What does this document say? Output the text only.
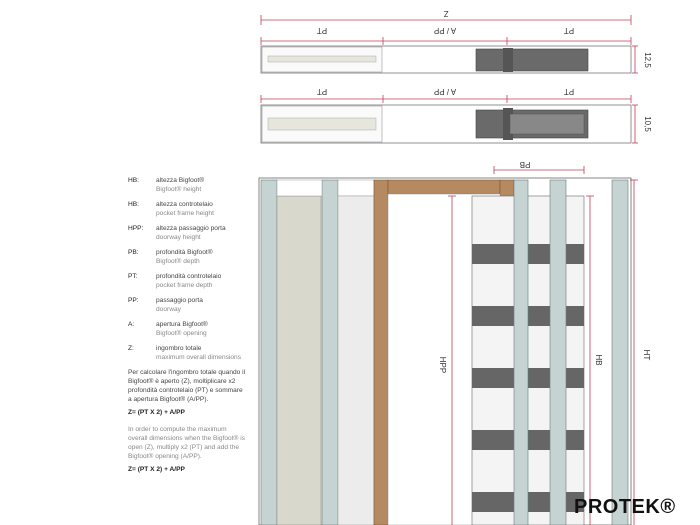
Z
PT	A / PP	PT
12,5
PT	A / PP	PT
10,5
PB
HPP	HB	HT
HB:	altezza Bigfoot®
Bigfoot® height
HB:	altezza controtelaio
pocket frame height
HPP:	altezza passaggio porta
doorway height
PB:	profondità Bigfoot®
Bigfoot® depth
PT:	profondità controtelaio
pocket frame depth
PP:	passaggio porta
doorway
A:	apertura Bigfoot®
Bigfoot® opening
Z:	ingombro totale
maximum overall dimensions

Per calcolare l'ingombro totale quando il Bigfoot® è aperto (Z), moltiplicare x2 profondità controtelaio (PT) e sommare a apertura Bigfoot® (A/PP).

Z= (PT X 2) + A/PP

In order to compute the maximum overall dimensions when the Bigfoot® is open (Z), multiply x2 (PT) and add the Bigfoot® opening (A/PP).

Z= (PT X 2) + A/PP

PROTEK®
